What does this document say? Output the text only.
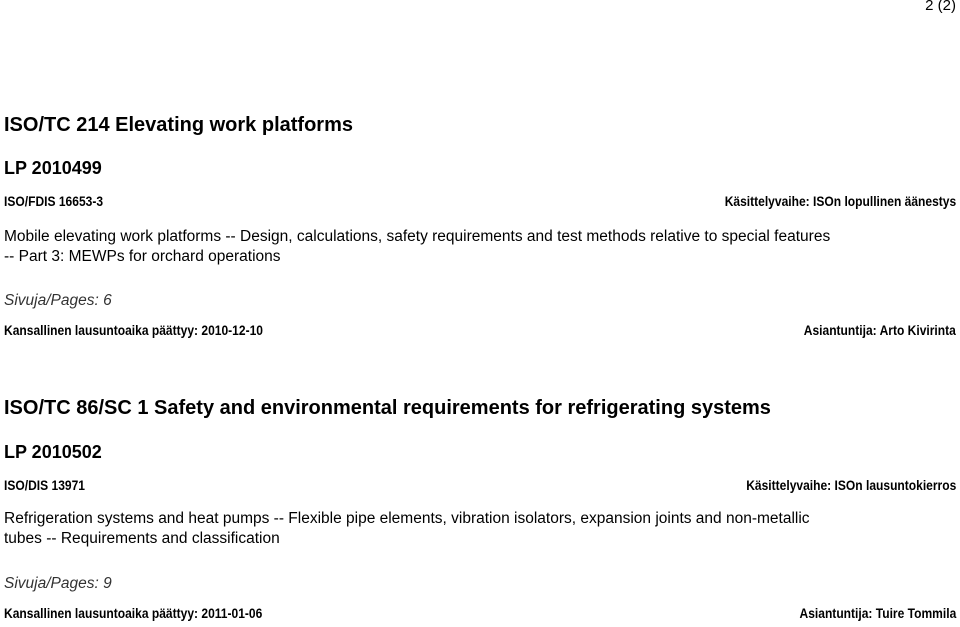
2 (2)
ISO/TC 214 Elevating work platforms
LP 2010499
ISO/FDIS 16653-3	Käsittelyvaihe: ISOn lopullinen äänestys
Mobile elevating work platforms -- Design, calculations, safety requirements and test methods relative to special features
-- Part 3: MEWPs for orchard operations
Sivuja/Pages: 6
Kansallinen lausuntoaika päättyy: 2010-12-10	Asiantuntija: Arto Kivirinta
ISO/TC 86/SC 1 Safety and environmental requirements for refrigerating systems
LP 2010502
ISO/DIS 13971	Käsittelyvaihe: ISOn lausuntokierros
Refrigeration systems and heat pumps -- Flexible pipe elements, vibration isolators, expansion joints and non-metallic
tubes -- Requirements and classification
Sivuja/Pages: 9
Kansallinen lausuntoaika päättyy: 2011-01-06	Asiantuntija: Tuire Tommila
